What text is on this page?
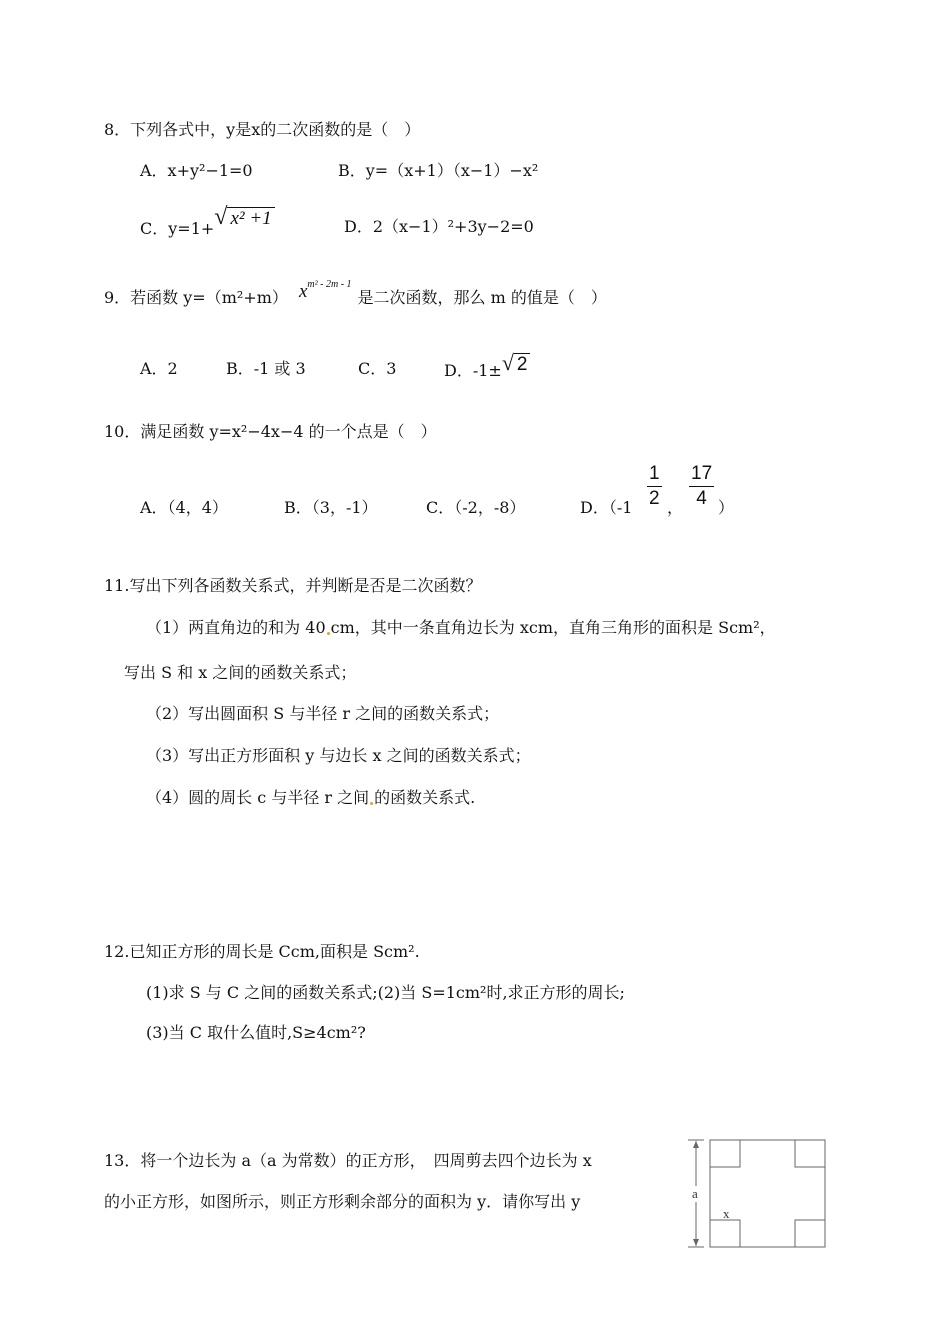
8．下列各式中，y是x的二次函数的是（　）
A．x+y²−1=0	B．y=（x+1）（x−1）−x²
C．y=1+√ x² +1	D．2（x−1）²+3y−2=0
9．若函数 y=（m²+m） $x^{m^2 - 2m - 1}$是二次函数，那么 m 的值是（　）
A．2	B．-1 或 3	C．3	D．-1±√ 2
10．满足函数 y=x²−4x−4 的一个点是（　）
A．（4，4）	B．（3，-1）	C．（-2，-8）	D．（$-1 \frac{1}{2}$ ， $\frac{17}{4}$ ）
11.写出下列各函数关系式，并判断是否是二次函数？
（1）两直角边的和为 40 cm，其中一条直角边长为 xcm，直角三角形的面积是 Scm²，
写出 S 和 x 之间的函数关系式；
（2）写出圆面积 S 与半径 r 之间的函数关系式；
（3）写出正方形面积 y 与边长 x 之间的函数关系式；
（4）圆的周长 c 与半径 r 之间 的函数关系式.
12.已知正方形的周长是 Ccm,面积是 Scm².
(1)求 S 与 C 之间的函数关系式;(2)当 S=1cm²时,求正方形的周长;
(3)当 C 取什么值时,S≥4cm²?
13．将一个边长为 a（a 为常数）的正方形，　四周剪去四个边长为 x
的小正方形，如图所示，则正方形剩余部分的面积为 y．请你写出 y	a
x
